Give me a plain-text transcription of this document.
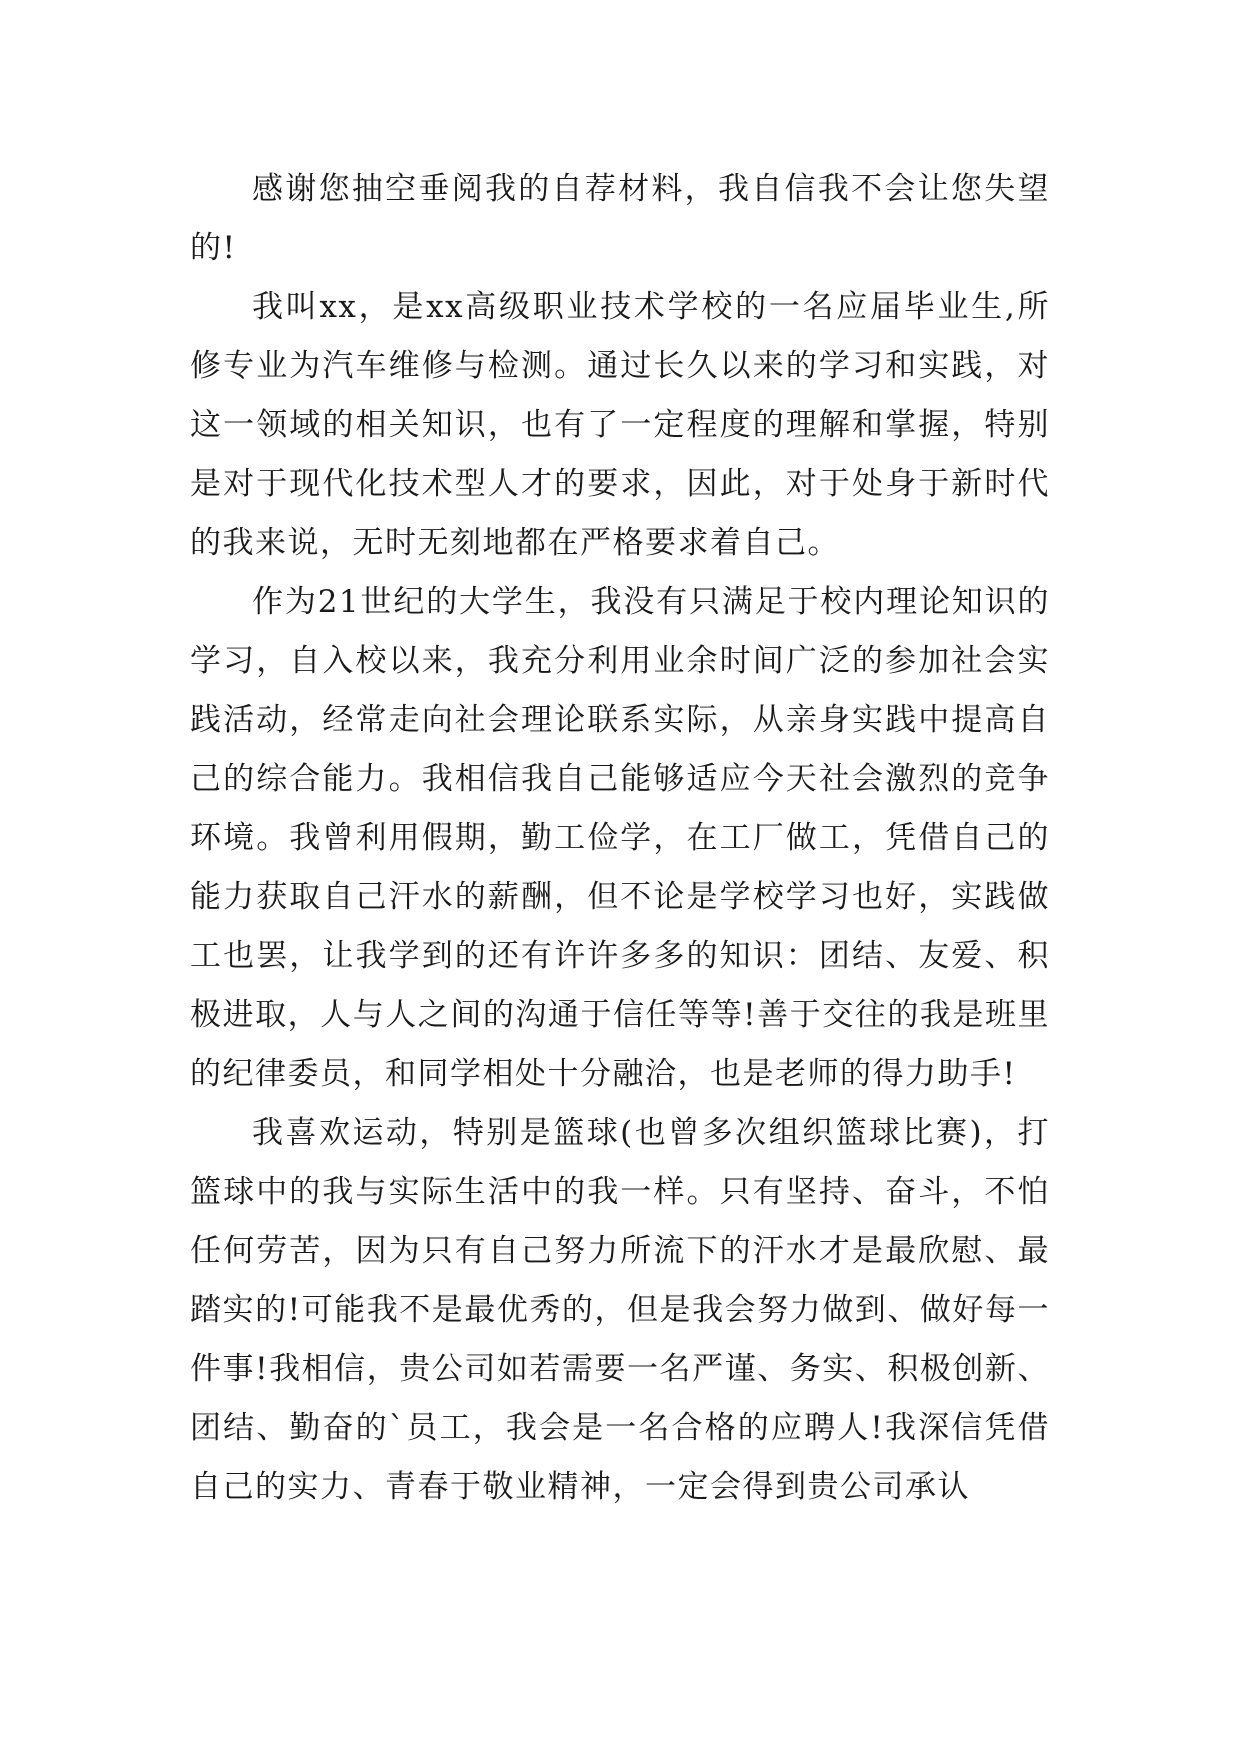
感谢您抽空垂阅我的自荐材料，我自信我不会让您失望的!

我叫xx，是xx高级职业技术学校的一名应届毕业生,所修专业为汽车维修与检测。通过长久以来的学习和实践，对这一领域的相关知识，也有了一定程度的理解和掌握，特别是对于现代化技术型人才的要求，因此，对于处身于新时代的我来说，无时无刻地都在严格要求着自己。

作为21世纪的大学生，我没有只满足于校内理论知识的学习，自入校以来，我充分利用业余时间广泛的参加社会实践活动，经常走向社会理论联系实际，从亲身实践中提高自己的综合能力。我相信我自己能够适应今天社会激烈的竞争环境。我曾利用假期，勤工俭学，在工厂做工，凭借自己的能力获取自己汗水的薪酬，但不论是学校学习也好，实践做工也罢，让我学到的还有许许多多的知识：团结、友爱、积极进取，人与人之间的沟通于信任等等!善于交往的我是班里的纪律委员，和同学相处十分融洽，也是老师的得力助手!

我喜欢运动，特别是篮球(也曾多次组织篮球比赛)，打篮球中的我与实际生活中的我一样。只有坚持、奋斗，不怕任何劳苦，因为只有自己努力所流下的汗水才是最欣慰、最踏实的!可能我不是最优秀的，但是我会努力做到、做好每一件事!我相信，贵公司如若需要一名严谨、务实、积极创新、团结、勤奋的`员工，我会是一名合格的应聘人!我深信凭借自己的实力、青春于敬业精神，一定会得到贵公司承认
